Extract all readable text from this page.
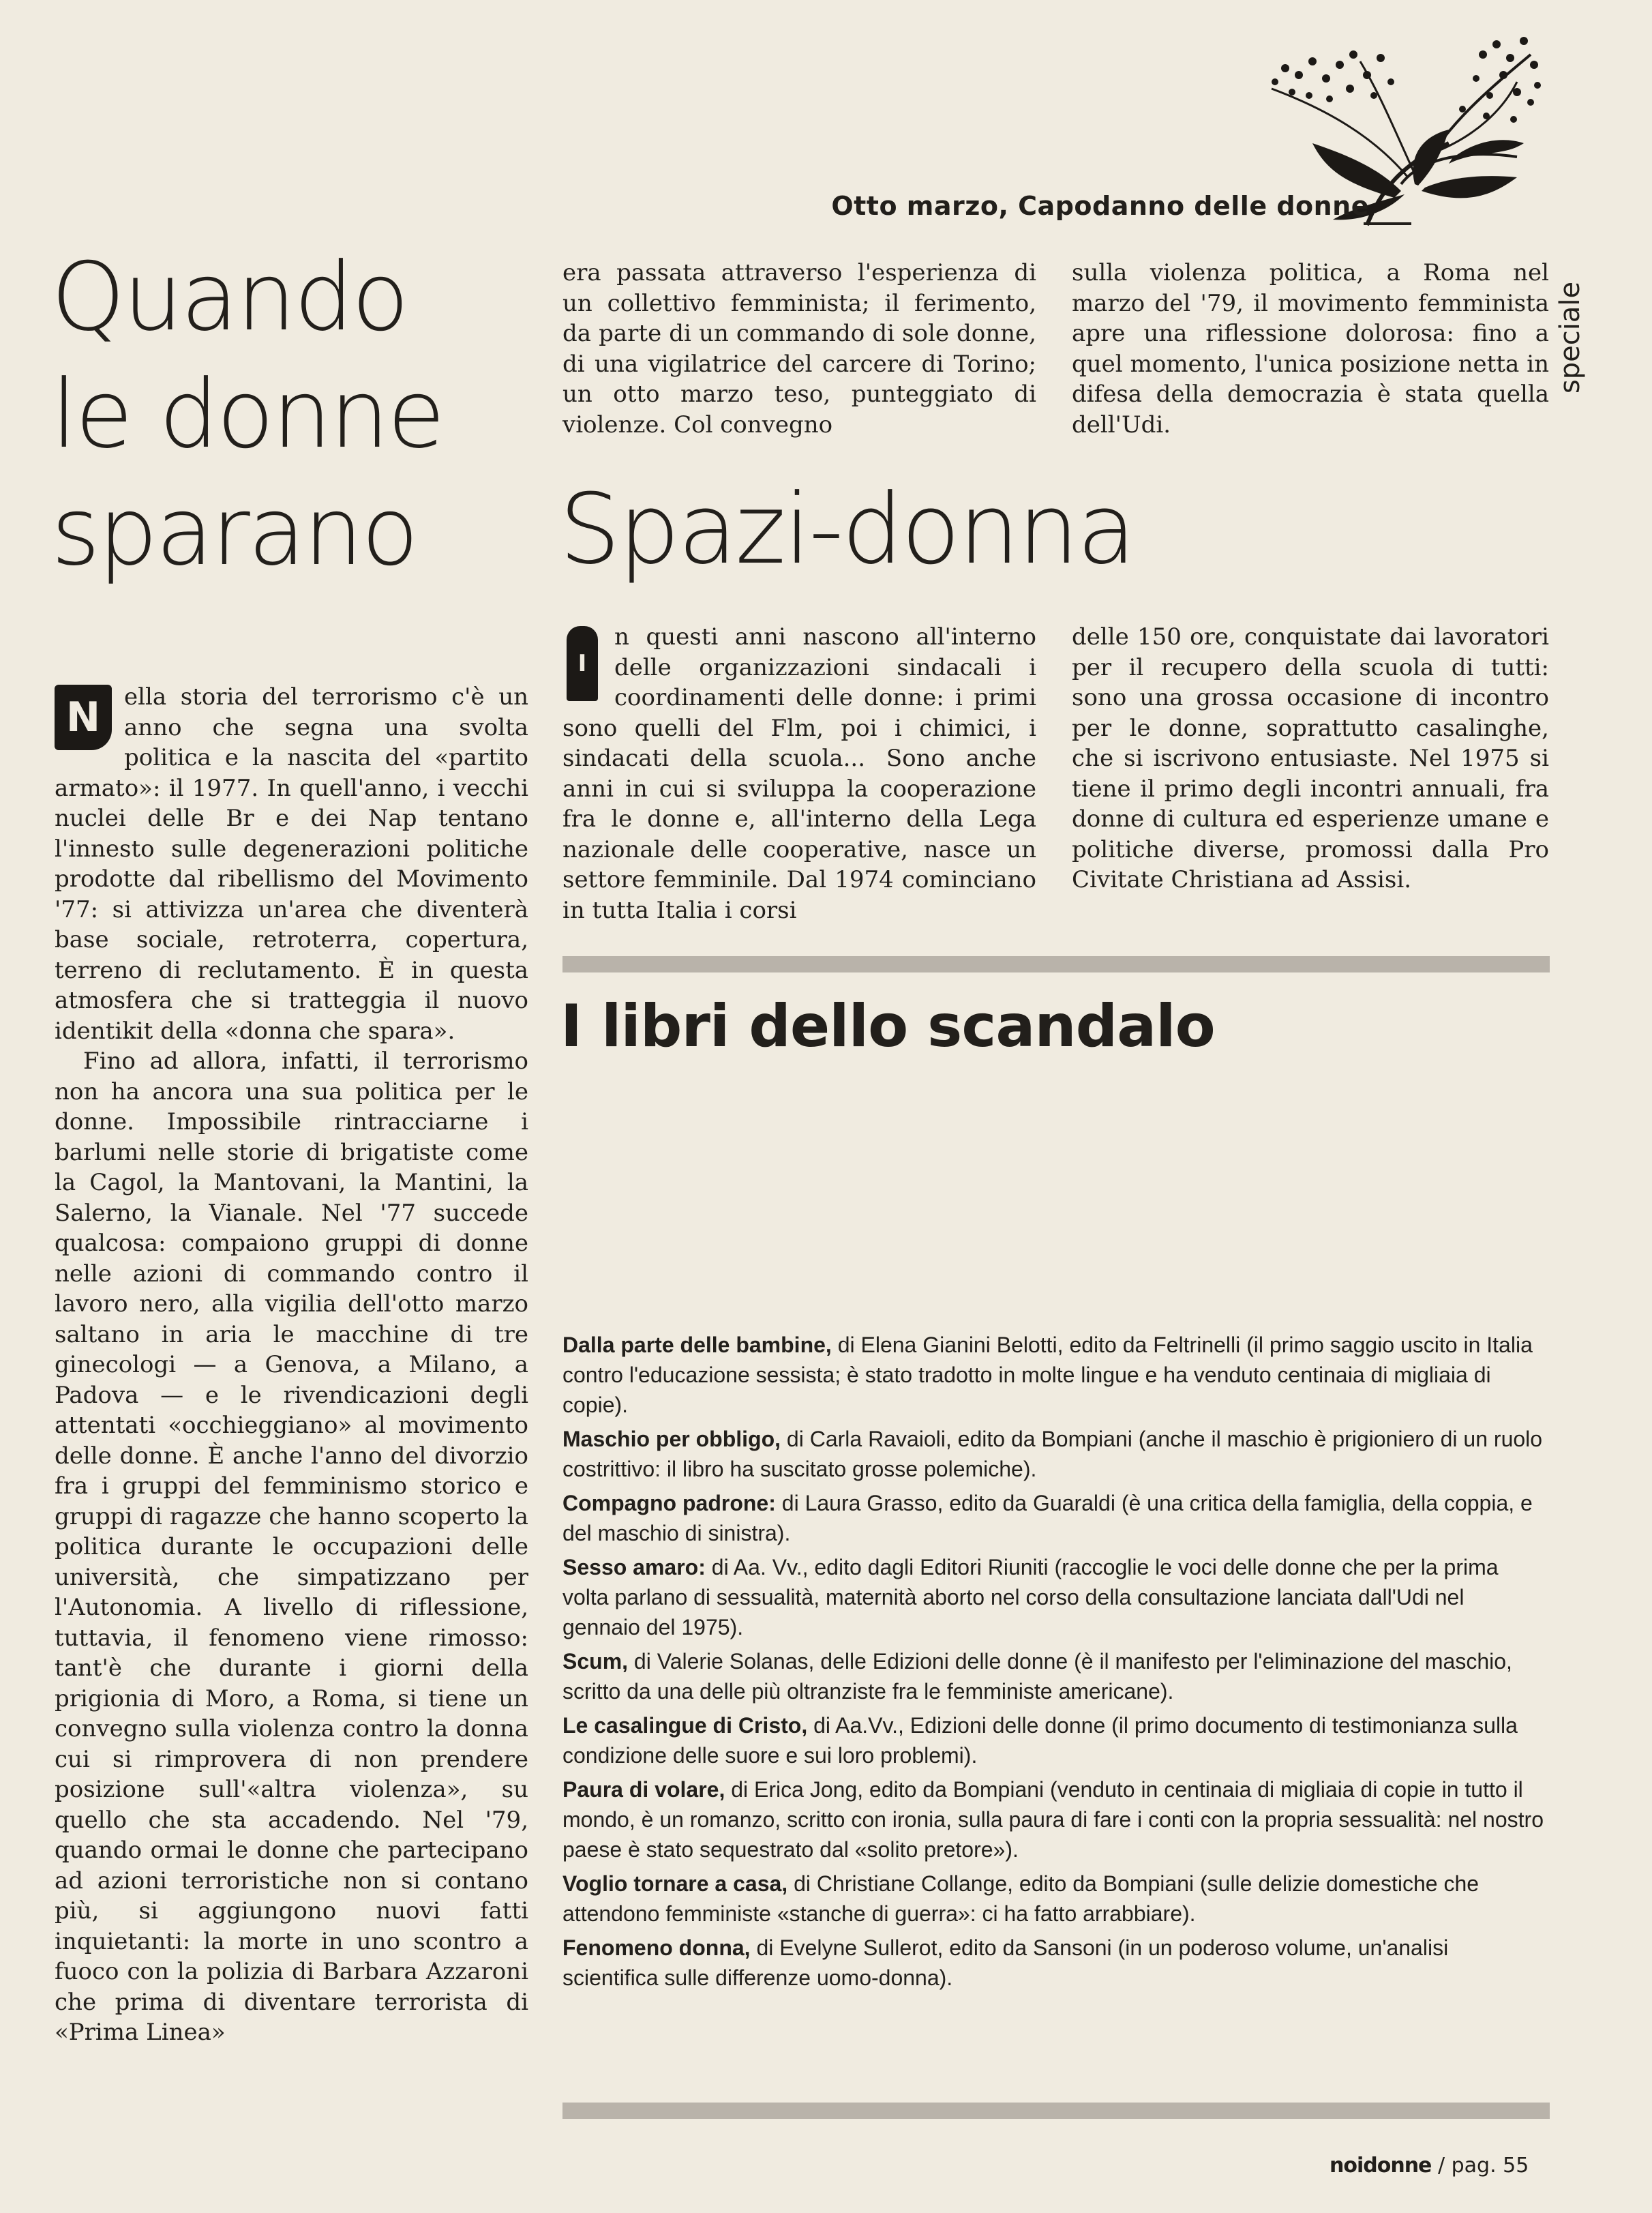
Otto marzo, Capodanno delle donne
speciale
Quando
le donne
sparano
N	ella storia del terrorismo c'è un anno che segna una svolta politica e la nascita del «partito armato»: il 1977. In quell'anno, i vecchi nuclei delle Br e dei Nap tentano l'innesto sulle degenerazioni politiche prodotte dal ribellismo del Movimento '77: si attivizza un'area che diventerà base sociale, retroterra, copertura, terreno di reclutamento. È in questa atmosfera che si tratteggia il nuovo identikit della «donna che spara».

Fino ad allora, infatti, il terrorismo non ha ancora una sua politica per le donne. Impossibile rintracciarne i barlumi nelle storie di brigatiste come la Cagol, la Mantovani, la Mantini, la Salerno, la Vianale. Nel '77 succede qualcosa: compaiono gruppi di donne nelle azioni di commando contro il lavoro nero, alla vigilia dell'otto marzo saltano in aria le macchine di tre ginecologi — a Genova, a Milano, a Padova — e le rivendicazioni degli attentati «occhieggiano» al movimento delle donne. È anche l'anno del divorzio fra i gruppi del femminismo storico e gruppi di ragazze che hanno scoperto la politica durante le occupazioni delle università, che simpatizzano per l'Autonomia. A livello di riflessione, tuttavia, il fenomeno viene rimosso: tant'è che durante i giorni della prigionia di Moro, a Roma, si tiene un convegno sulla violenza contro la donna cui si rimprovera di non prendere posizione sull'«altra violenza», su quello che sta accadendo. Nel '79, quando ormai le donne che partecipano ad azioni terroristiche non si contano più, si aggiungono nuovi fatti inquietanti: la morte in uno scontro a fuoco con la polizia di Barbara Azzaroni che prima di diventare terrorista di «Prima Linea»

era passata attraverso l'esperienza di un collettivo femminista; il ferimento, da parte di un commando di sole donne, di una vigilatrice del carcere di Torino; un otto marzo teso, punteggiato di violenze. Col convegno

sulla violenza politica, a Roma nel marzo del '79, il movimento femminista apre una riflessione dolorosa: fino a quel momento, l'unica posizione netta in difesa della democrazia è stata quella dell'Udi.

Spazi-donna
I

n questi anni nascono all'interno delle organizzazioni sindacali i coordinamenti delle donne: i primi sono quelli del Flm, poi i chimici, i sindacati della scuola... Sono anche anni in cui si sviluppa la cooperazione fra le donne e, all'interno della Lega nazionale delle cooperative, nasce un settore femminile. Dal 1974 cominciano in tutta Italia i corsi

delle 150 ore, conquistate dai lavoratori per il recupero della scuola di tutti: sono una grossa occasione di incontro per le donne, soprattutto casalinghe, che si iscrivono entusiaste. Nel 1975 si tiene il primo degli incontri annuali, fra donne di cultura ed esperienze umane e politiche diverse, promossi dalla Pro Civitate Christiana ad Assisi.

I libri dello scandalo

Dalla parte delle bambine, di Elena Gianini Belotti, edito da Feltrinelli (il primo saggio uscito in Italia contro l'educazione sessista; è stato tradotto in molte lingue e ha venduto centinaia di migliaia di copie).

Maschio per obbligo, di Carla Ravaioli, edito da Bompiani (anche il maschio è prigioniero di un ruolo costrittivo: il libro ha suscitato grosse polemiche).

Compagno padrone: di Laura Grasso, edito da Guaraldi (è una critica della famiglia, della coppia, e del maschio di sinistra).

Sesso amaro: di Aa. Vv., edito dagli Editori Riuniti (raccoglie le voci delle donne che per la prima volta parlano di sessualità, maternità aborto nel corso della consultazione lanciata dall'Udi nel gennaio del 1975).

Scum, di Valerie Solanas, delle Edizioni delle donne (è il manifesto per l'eliminazione del maschio, scritto da una delle più oltranziste fra le femministe americane).

Le casalingue di Cristo, di Aa.Vv., Edizioni delle donne (il primo documento di testimonianza sulla condizione delle suore e sui loro problemi).

Paura di volare, di Erica Jong, edito da Bompiani (venduto in centinaia di migliaia di copie in tutto il mondo, è un romanzo, scritto con ironia, sulla paura di fare i conti con la propria sessualità: nel nostro paese è stato sequestrato dal «solito pretore»).

Voglio tornare a casa, di Christiane Collange, edito da Bompiani (sulle delizie domestiche che attendono femministe «stanche di guerra»: ci ha fatto arrabbiare).

Fenomeno donna, di Evelyne Sullerot, edito da Sansoni (in un poderoso volume, un'analisi scientifica sulle differenze uomo-donna).

noidonne / pag. 55
